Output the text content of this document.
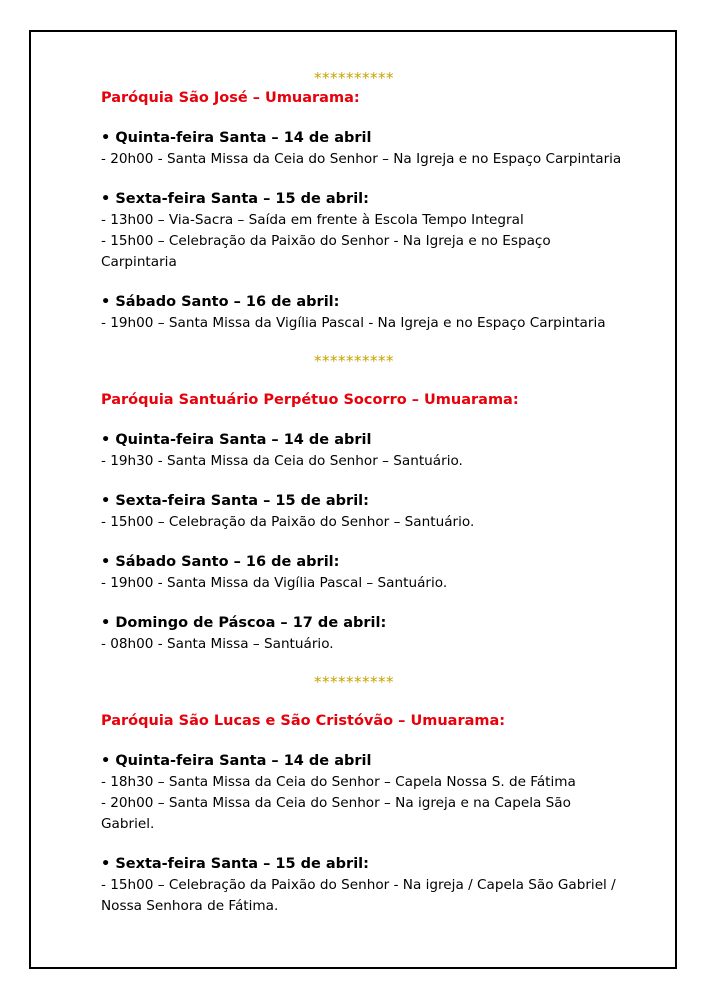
**********
Paróquia São José – Umuarama:
• Quinta-feira Santa – 14 de abril
- 20h00 - Santa Missa da Ceia do Senhor – Na Igreja e no Espaço Carpintaria
• Sexta-feira Santa – 15 de abril:
- 13h00 – Via-Sacra – Saída em frente à Escola Tempo Integral
- 15h00 – Celebração da Paixão do Senhor - Na Igreja e no Espaço
Carpintaria
• Sábado Santo – 16 de abril:
- 19h00 – Santa Missa da Vigília Pascal - Na Igreja e no Espaço Carpintaria
**********
Paróquia Santuário Perpétuo Socorro – Umuarama:
• Quinta-feira Santa – 14 de abril
- 19h30 - Santa Missa da Ceia do Senhor – Santuário.
• Sexta-feira Santa – 15 de abril:
- 15h00 – Celebração da Paixão do Senhor – Santuário.
• Sábado Santo – 16 de abril:
- 19h00 - Santa Missa da Vigília Pascal – Santuário.
• Domingo de Páscoa – 17 de abril:
- 08h00 - Santa Missa – Santuário.
**********
Paróquia São Lucas e São Cristóvão – Umuarama:
• Quinta-feira Santa – 14 de abril
- 18h30 – Santa Missa da Ceia do Senhor – Capela Nossa S. de Fátima
- 20h00 – Santa Missa da Ceia do Senhor – Na igreja e na Capela São
Gabriel.
• Sexta-feira Santa – 15 de abril:
- 15h00 – Celebração da Paixão do Senhor - Na igreja / Capela São Gabriel /
Nossa Senhora de Fátima.
